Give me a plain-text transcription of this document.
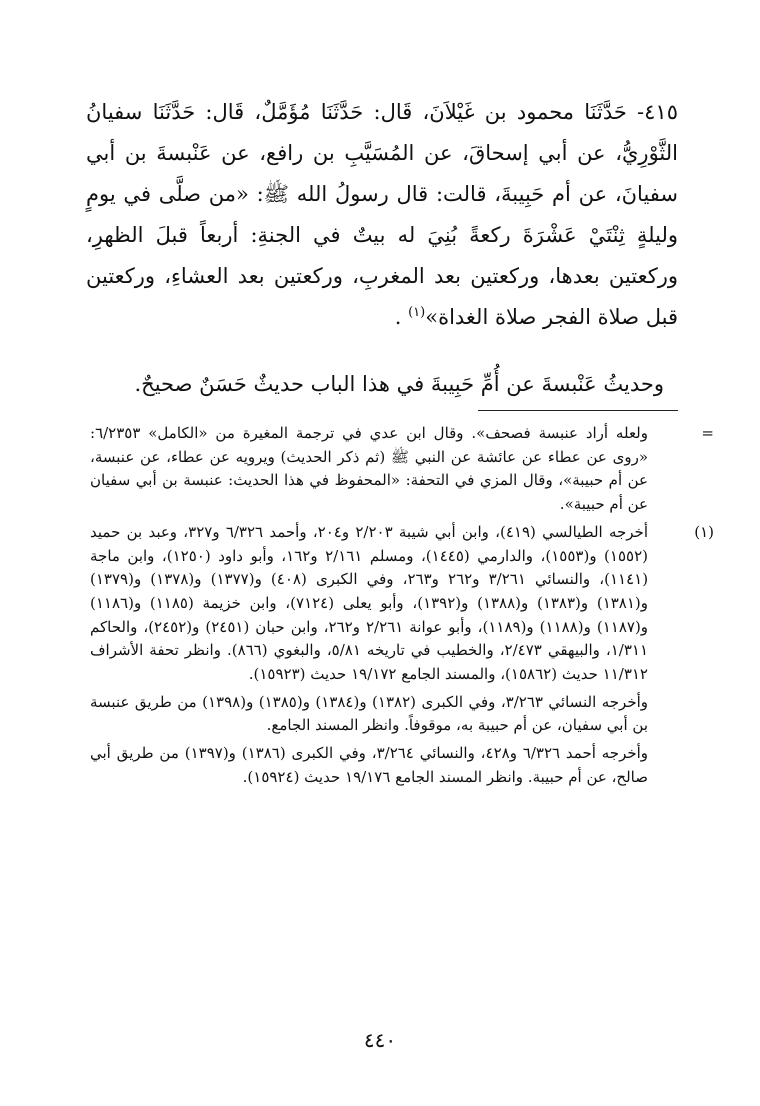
٤١٥- حَدَّثَنَا محمود بن غَيْلاَنَ، قَال: حَدَّثَنَا مُؤَمَّلٌ، قَال: حَدَّثَنَا سفيانُ الثَّوْرِيُّ، عن أبي إسحاقَ، عن المُسَيَّبِ بن رافع، عن عَنْبسةَ بن أبي سفيانَ، عن أم حَبِيبةَ، قالت: قال رسولُ الله ﷺ: «من صلَّى في يومٍ وليلةٍ ثِنْتَيْ عَشْرَةَ ركعةً بُنِيَ له بيتٌ في الجنةِ: أربعاً قبلَ الظهرِ، وركعتين بعدها، وركعتين بعد المغربِ، وركعتين بعد العشاءِ، وركعتين قبل صلاة الفجر صلاة الغداة»$^{(١)}$ .

وحديثُ عَنْبسةَ عن أُمِّ حَبِيبةَ في هذا الباب حديثٌ حَسَنٌ صحيحٌ.
=
ولعله أراد عنبسة فصحف». وقال ابن عدي في ترجمة المغيرة من «الكامل» ٦/٢٣٥٣: «روى عن عطاء عن عائشة عن النبي ﷺ (ثم ذكر الحديث) ويرويه عن عطاء، عن عنبسة، عن أم حبيبة»، وقال المزي في التحفة: «المحفوظ في هذا الحديث: عنبسة بن أبي سفيان عن أم حبيبة».
(١)
أخرجه الطيالسي (٤١٩)، وابن أبي شيبة ٢/٢٠٣ و٢٠٤، وأحمد ٦/٣٢٦ و٣٢٧، وعبد بن حميد (١٥٥٢) و(١٥٥٣)، والدارمي (١٤٤٥)، ومسلم ٢/١٦١ و١٦٢، وأبو داود (١٢٥٠)، وابن ماجة (١١٤١)، والنسائي ٣/٢٦١ و٢٦٢ و٢٦٣، وفي الكبرى (٤٠٨) و(١٣٧٧) و(١٣٧٨) و(١٣٧٩) و(١٣٨١) و(١٣٨٣) و(١٣٨٨) و(١٣٩٢)، وأبو يعلى (٧١٢٤)، وابن خزيمة (١١٨٥) و(١١٨٦) و(١١٨٧) و(١١٨٨) و(١١٨٩)، وأبو عوانة ٢/٢٦١ و٢٦٢، وابن حبان (٢٤٥١) و(٢٤٥٢)، والحاكم ١/٣١١، والبيهقي ٢/٤٧٣، والخطيب في تاريخه ٥/٨١، والبغوي (٨٦٦). وانظر تحفة الأشراف ١١/٣١٢ حديث (١٥٨٦٢)، والمسند الجامع ١٩/١٧٢ حديث (١٥٩٢٣).
وأخرجه النسائي ٣/٢٦٣، وفي الكبرى (١٣٨٢) و(١٣٨٤) و(١٣٨٥) و(١٣٩٨) من طريق عنبسة بن أبي سفيان، عن أم حبيبة به، موقوفاً. وانظر المسند الجامع.
وأخرجه أحمد ٦/٣٢٦ و٤٢٨، والنسائي ٣/٢٦٤، وفي الكبرى (١٣٨٦) و(١٣٩٧) من طريق أبي صالح، عن أم حبيبة. وانظر المسند الجامع ١٩/١٧٦ حديث (١٥٩٢٤).
٤٤٠
